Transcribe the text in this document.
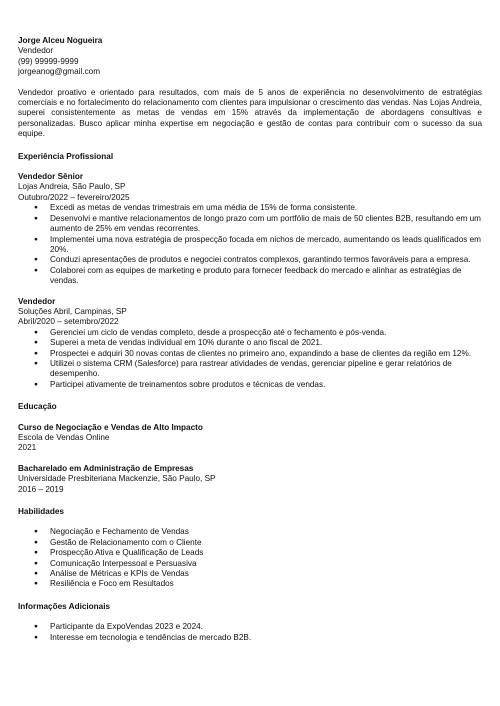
Jorge Alceu Nogueira
Vendedor
(99) 99999-9999
jorgeanog@gmail.com
Vendedor proativo e orientado para resultados, com mais de 5 anos de experiência no desenvolvimento de estratégias comerciais e no fortalecimento do relacionamento com clientes para impulsionar o crescimento das vendas. Nas Lojas Andreia, superei consistentemente as metas de vendas em 15% através da implementação de abordagens consultivas e personalizadas. Busco aplicar minha expertise em negociação e gestão de contas para contribuir com o sucesso da sua equipe.
Experiência Profissional
Vendedor Sênior
Lojas Andreia, São Paulo, SP
Outubro/2022 – fevereiro/2025
● Excedi as metas de vendas trimestrais em uma média de 15% de forma consistente.
● Desenvolvi e mantive relacionamentos de longo prazo com um portfólio de mais de 50 clientes B2B, resultando em um aumento de 25% em vendas recorrentes.
● Implementei uma nova estratégia de prospecção focada em nichos de mercado, aumentando os leads qualificados em 20%.
● Conduzi apresentações de produtos e negociei contratos complexos, garantindo termos favoráveis para a empresa.
● Colaborei com as equipes de marketing e produto para fornecer feedback do mercado e alinhar as estratégias de vendas.
Vendedor
Soluções Abril, Campinas, SP
Abril/2020 – setembro/2022
● Gerenciei um ciclo de vendas completo, desde a prospecção até o fechamento e pós-venda.
● Superei a meta de vendas individual em 10% durante o ano fiscal de 2021.
● Prospectei e adquiri 30 novas contas de clientes no primeiro ano, expandindo a base de clientes da região em 12%.
● Utilizei o sistema CRM (Salesforce) para rastrear atividades de vendas, gerenciar pipeline e gerar relatórios de desempenho.
● Participei ativamente de treinamentos sobre produtos e técnicas de vendas.
Educação
Curso de Negociação e Vendas de Alto Impacto
Escola de Vendas Online
2021
Bacharelado em Administração de Empresas
Universidade Presbiteriana Mackenzie, São Paulo, SP
2016 – 2019
Habilidades
● Negociação e Fechamento de Vendas
● Gestão de Relacionamento com o Cliente
● Prospecção Ativa e Qualificação de Leads
● Comunicação Interpessoal e Persuasiva
● Análise de Métricas e KPIs de Vendas
● Resiliência e Foco em Resultados
Informações Adicionais
● Participante da ExpoVendas 2023 e 2024.
● Interesse em tecnologia e tendências de mercado B2B.
